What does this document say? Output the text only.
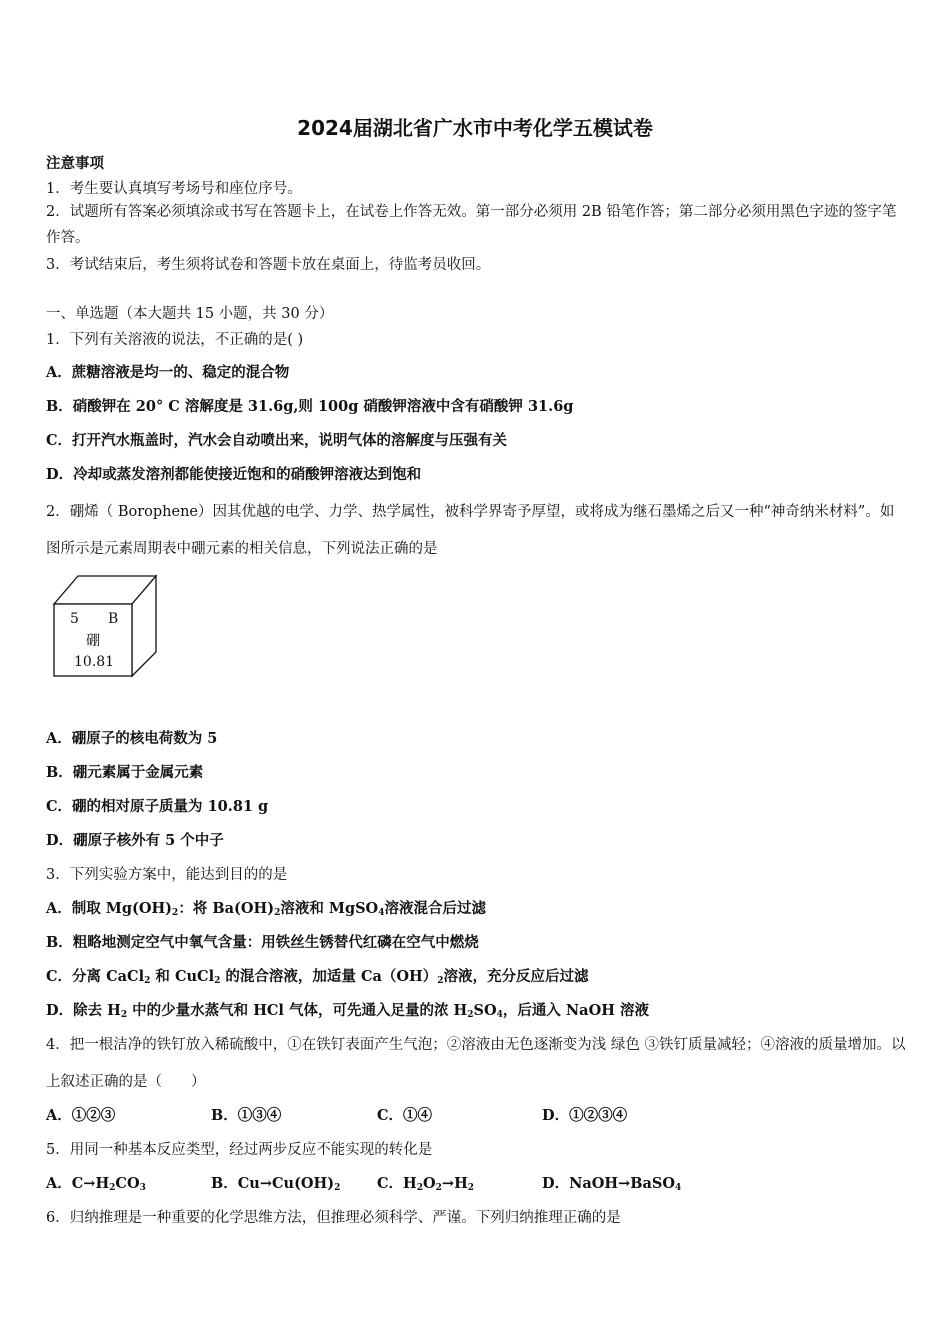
2024届湖北省广水市中考化学五模试卷
注意事项
1．考生要认真填写考场号和座位序号。
2．试题所有答案必须填涂或书写在答题卡上，在试卷上作答无效。第一部分必须用 2B 铅笔作答；第二部分必须用黑色字迹的签字笔作答。
3．考试结束后，考生须将试卷和答题卡放在桌面上，待监考员收回。
一、单选题（本大题共 15 小题，共 30 分）
1．下列有关溶液的说法，不正确的是( )
A．蔗糖溶液是均一的、稳定的混合物
B．硝酸钾在 20° C 溶解度是 31.6g,则 100g 硝酸钾溶液中含有硝酸钾 31.6g
C．打开汽水瓶盖时，汽水会自动喷出来，说明气体的溶解度与压强有关
D．冷却或蒸发溶剂都能使接近饱和的硝酸钾溶液达到饱和
2．硼烯（ Borophene）因其优越的电学、力学、热学属性，被科学界寄予厚望，或将成为继石墨烯之后又一种“神奇纳米材料”。如图所示是元素周期表中硼元素的相关信息，下列说法正确的是
5 B
硼
10.81
A．硼原子的核电荷数为 5
B．硼元素属于金属元素
C．硼的相对原子质量为 10.81 g
D．硼原子核外有 5 个中子
3．下列实验方案中，能达到目的的是
A．制取 $Mg(OH)_2$：将 $Ba(OH)_2$溶液和 MgSO$_4$溶液混合后过滤
B．粗略地测定空气中氧气含量：用铁丝生锈替代红磷在空气中燃烧
C．分离 CaCl$_2$ 和 CuCl$_2$ 的混合溶液，加适量 $Ca(OH)_2$溶液，充分反应后过滤
D．除去 $H_2$ 中的少量水蒸气和 HCl 气体，可先通入足量的浓 $H_2SO_4$，后通入 NaOH 溶液
4．把一根洁净的铁钉放入稀硫酸中，①在铁钉表面产生气泡；②溶液由无色逐渐变为浅 绿色 ③铁钉质量减轻；④溶液的质量增加。以上叙述正确的是（　　）
A．①②③	B．①③④	C．①④	D．①②③④
5．用同一种基本反应类型，经过两步反应不能实现的转化是
A．$C\to H_2CO_3$	B．$Cu\to Cu(OH)_2$	C．$H_2O_2\to H_2$	D．NaOH→BaSO$_4$
6．归纳推理是一种重要的化学思维方法，但推理必须科学、严谨。下列归纳推理正确的是
